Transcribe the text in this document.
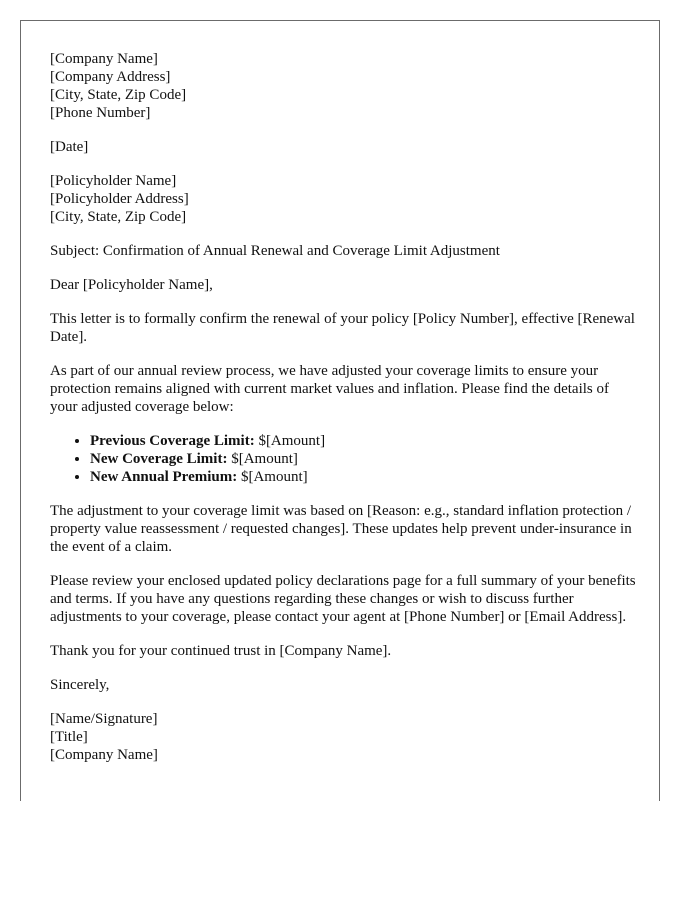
[Company Name]
[Company Address]
[City, State, Zip Code]
[Phone Number]
[Date]
[Policyholder Name]
[Policyholder Address]
[City, State, Zip Code]

Subject: Confirmation of Annual Renewal and Coverage Limit Adjustment

Dear [Policyholder Name],

This letter is to formally confirm the renewal of your policy [Policy Number], effective [Renewal Date].

As part of our annual review process, we have adjusted your coverage limits to ensure your protection remains aligned with current market values and inflation. Please find the details of your adjusted coverage below:

• Previous Coverage Limit: $[Amount]
• New Coverage Limit: $[Amount]
• New Annual Premium: $[Amount]

The adjustment to your coverage limit was based on [Reason: e.g., standard inflation protection / property value reassessment / requested changes]. These updates help prevent under-insurance in the event of a claim.

Please review your enclosed updated policy declarations page for a full summary of your benefits and terms. If you have any questions regarding these changes or wish to discuss further adjustments to your coverage, please contact your agent at [Phone Number] or [Email Address].

Thank you for your continued trust in [Company Name].

Sincerely,

[Name/Signature]
[Title]
[Company Name]
